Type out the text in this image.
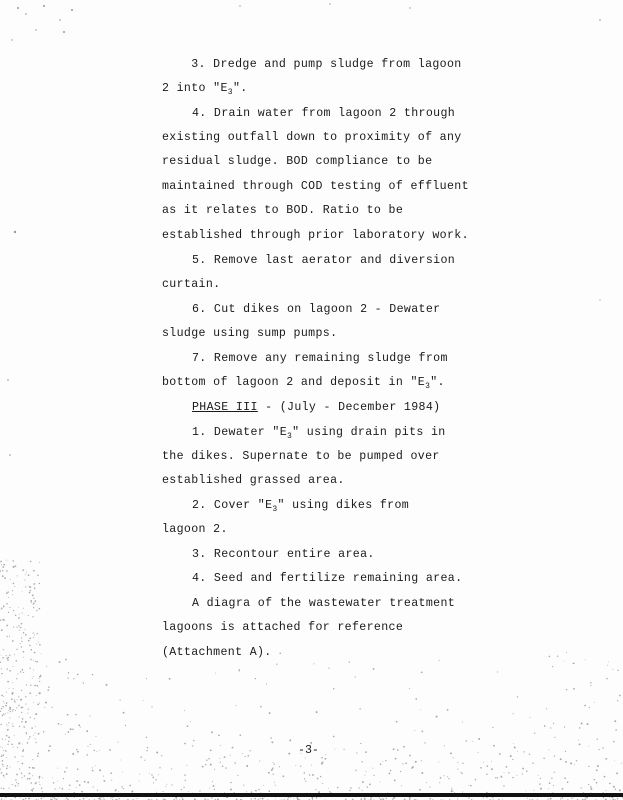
3. Dredge and pump sludge from lagoon
2 into "$E_3$".
4. Drain water from lagoon 2 through
existing outfall down to proximity of any
residual sludge. BOD compliance to be
maintained through COD testing of effluent
as it relates to BOD. Ratio to be
established through prior laboratory work.
5. Remove last aerator and diversion
curtain.
6. Cut dikes on lagoon 2 - Dewater
sludge using sump pumps.
7. Remove any remaining sludge from
bottom of lagoon 2 and deposit in "$E_3$".
PHASE III - (July - December 1984)
1. Dewater "$E_3$" using drain pits in
the dikes. Supernate to be pumped over
established grassed area.
2. Cover "$E_3$" using dikes from
lagoon 2.
3. Recontour entire area.
4. Seed and fertilize remaining area.
A diagra of the wastewater treatment
lagoons is attached for reference
(Attachment A).
-3-
